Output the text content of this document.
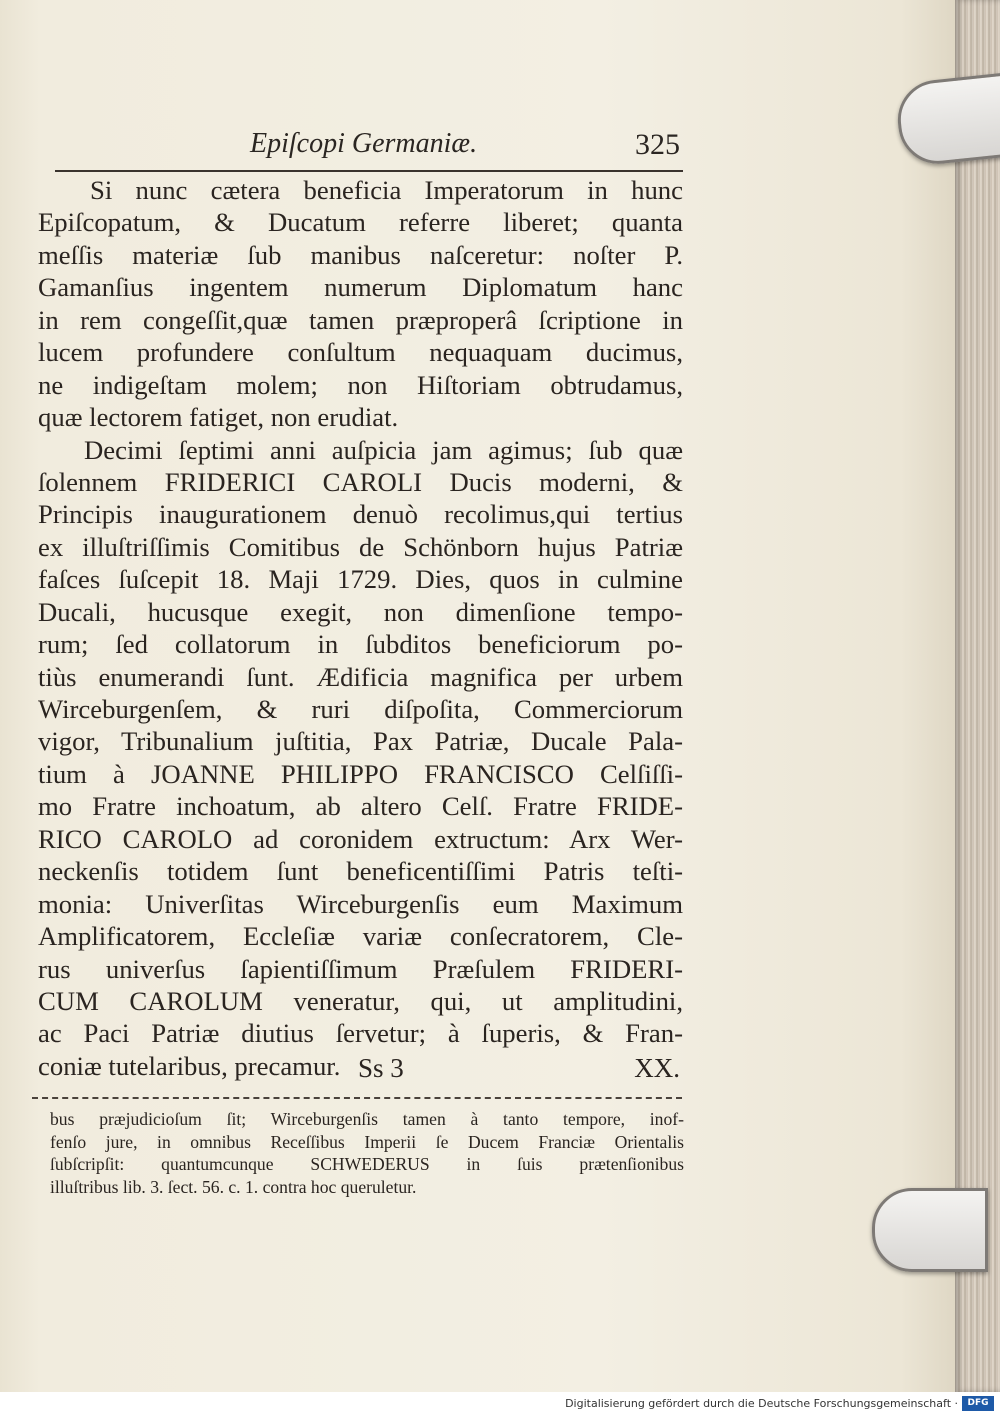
Epiſcopi Germaniæ.	325
Si nunc cætera beneficia Imperatorum in hunc
Epiſcopatum, & Ducatum referre liberet; quanta
meſſis materiæ ſub manibus naſceretur: noſter P.
Gamanſius ingentem numerum Diplomatum hanc
in rem congeſſit,quæ tamen præproperâ ſcriptione in
lucem profundere conſultum nequaquam ducimus,
ne indigeſtam molem; non Hiſtoriam obtrudamus,
quæ lectorem fatiget, non erudiat.
Decimi ſeptimi anni auſpicia jam agimus; ſub quæ
ſolennem FRIDERICI CAROLI Ducis moderni, &
Principis inaugurationem denuò recolimus,qui tertius
ex illuſtriſſimis Comitibus de Schönborn hujus Patriæ
faſces ſuſcepit 18. Maji 1729. Dies, quos in culmine
Ducali, hucusque exegit, non dimenſione tempo-
rum; ſed collatorum in ſubditos beneficiorum po-
tiùs enumerandi ſunt. Ædificia magnifica per urbem
Wirceburgenſem, & ruri diſpoſita, Commerciorum
vigor, Tribunalium juſtitia, Pax Patriæ, Ducale Pala-
tium à JOANNE PHILIPPO FRANCISCO Celſiſſi-
mo Fratre inchoatum, ab altero Celſ. Fratre FRIDE-
RICO CAROLO ad coronidem extructum: Arx Wer-
neckenſis totidem ſunt beneficentiſſimi Patris teſti-
monia: Univerſitas Wirceburgenſis eum Maximum
Amplificatorem, Eccleſiæ variæ conſecratorem, Cle-
rus univerſus ſapientiſſimum Præſulem FRIDERI-
CUM CAROLUM veneratur, qui, ut amplitudini,
ac Paci Patriæ diutius ſervetur; à ſuperis, & Fran-
coniæ tutelaribus, precamur. Ss 3	XX.
bus præjudicioſum ſit; Wirceburgenſis tamen à tanto tempore, inof-
fenſo jure, in omnibus Receſſibus Imperii ſe Ducem Franciæ Orientalis
ſubſcripſit: quantumcunque SCHWEDERUS in ſuis prætenſionibus
illuſtribus lib. 3. ſect. 56. c. 1. contra hoc queruletur.
Digitalisierung gefördert durch die Deutsche Forschungsgemeinschaft ·	DFG
